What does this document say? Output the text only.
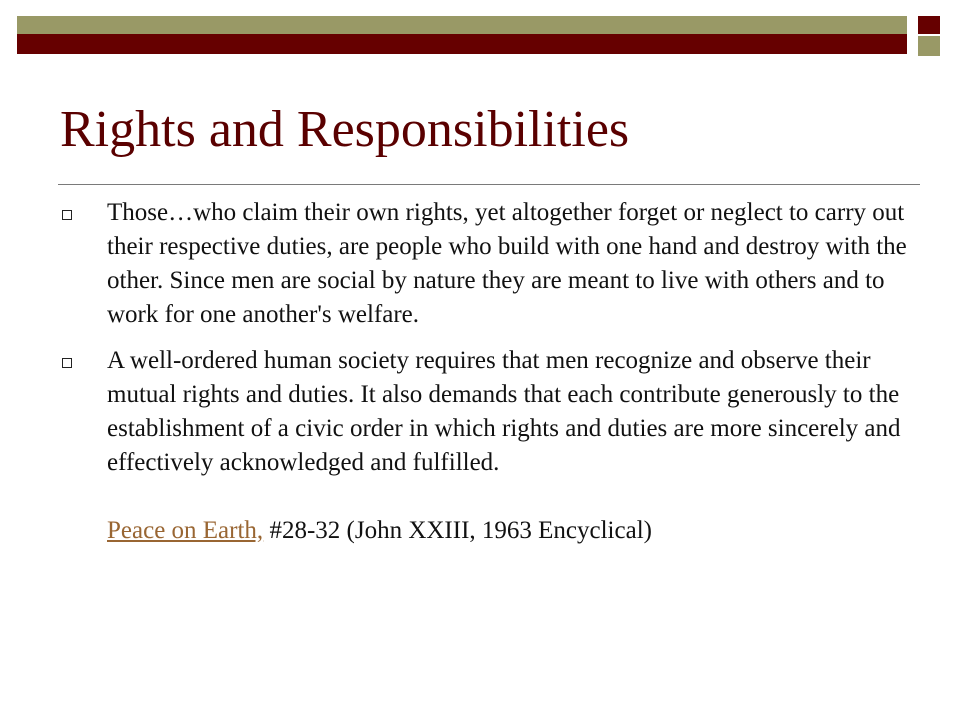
Rights and Responsibilities
Those…who claim their own rights, yet altogether forget or neglect to carry out their respective duties, are people who build with one hand and destroy with the other. Since men are social by nature they are meant to live with others and to work for one another's welfare.
A well-ordered human society requires that men recognize and observe their mutual rights and duties. It also demands that each contribute generously to the establishment of a civic order in which rights and duties are more sincerely and effectively acknowledged and fulfilled.
Peace on Earth, #28-32 (John XXIII, 1963 Encyclical)
